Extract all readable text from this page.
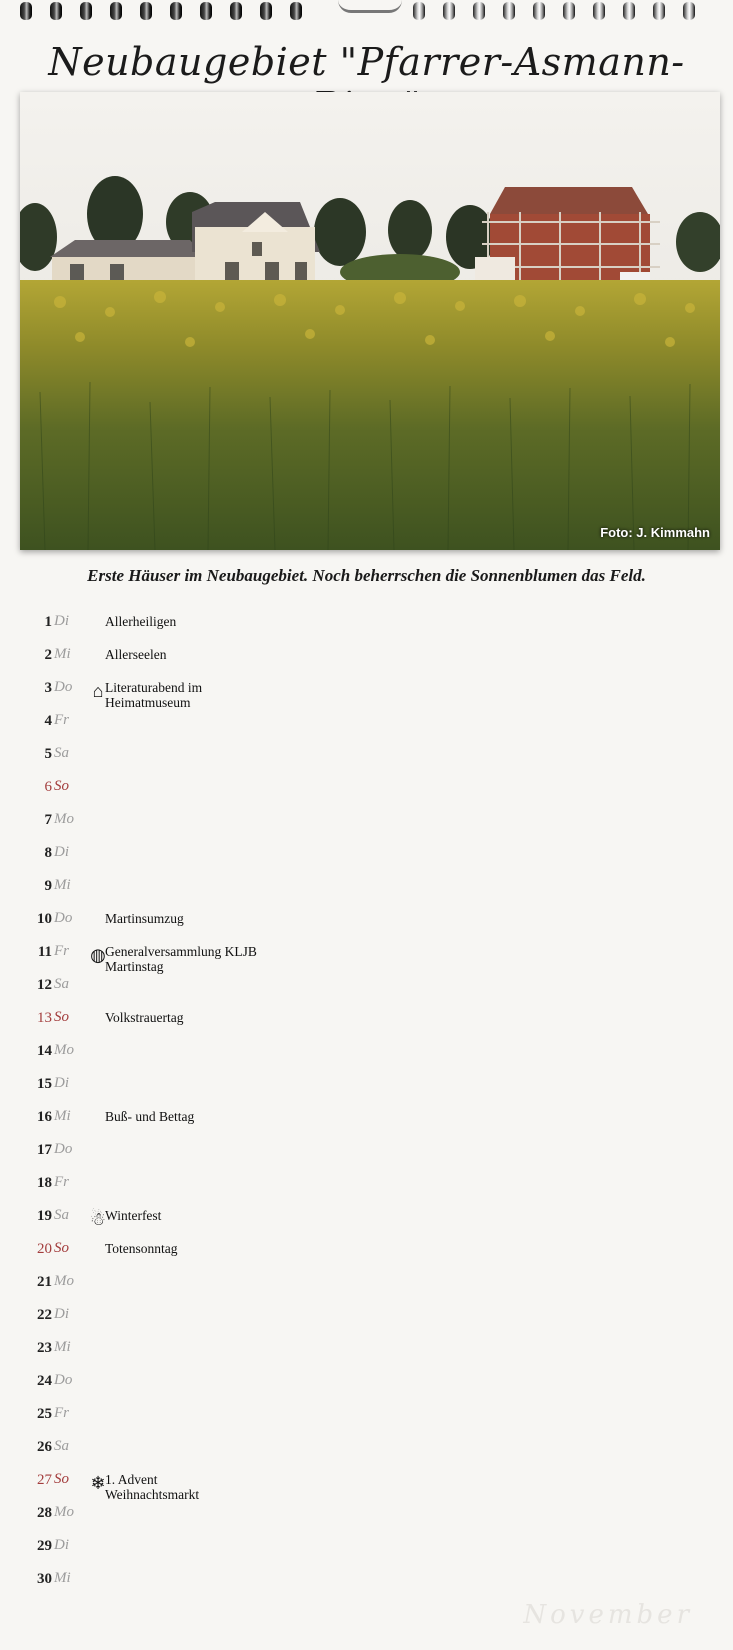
Neubaugebiet "Pfarrer-Asmann-
Foto: J. Kimmahn
Erste Häuser im Neubaugebiet. Noch beherrschen die Sonnenblumen das Feld.
1 Di	Allerheiligen
2 Mi	Allerseelen
3 Do ⌂ Literaturabend im
Heimatmuseum
4 Fr
5 Sa
6 So
7 Mo
8 Di
9 Mi
10 Do Martinsumzug
11 Fr ◍ Generalversammlung KLJB
Martinstag
12 Sa
13 So	Volkstrauertag
14 Mo
15 Di
16 Mi	Buß- und Bettag
17 Do
18 Fr
19 Sa ☃
Winterfest
20 So	Totensonntag
21 Mo
22 Di
23 Mi
24 Do
25 Fr
26 Sa
27 So ❄ 1. Advent
Weihnachtsmarkt
28 Mo
29 Di
30 Mi
November
